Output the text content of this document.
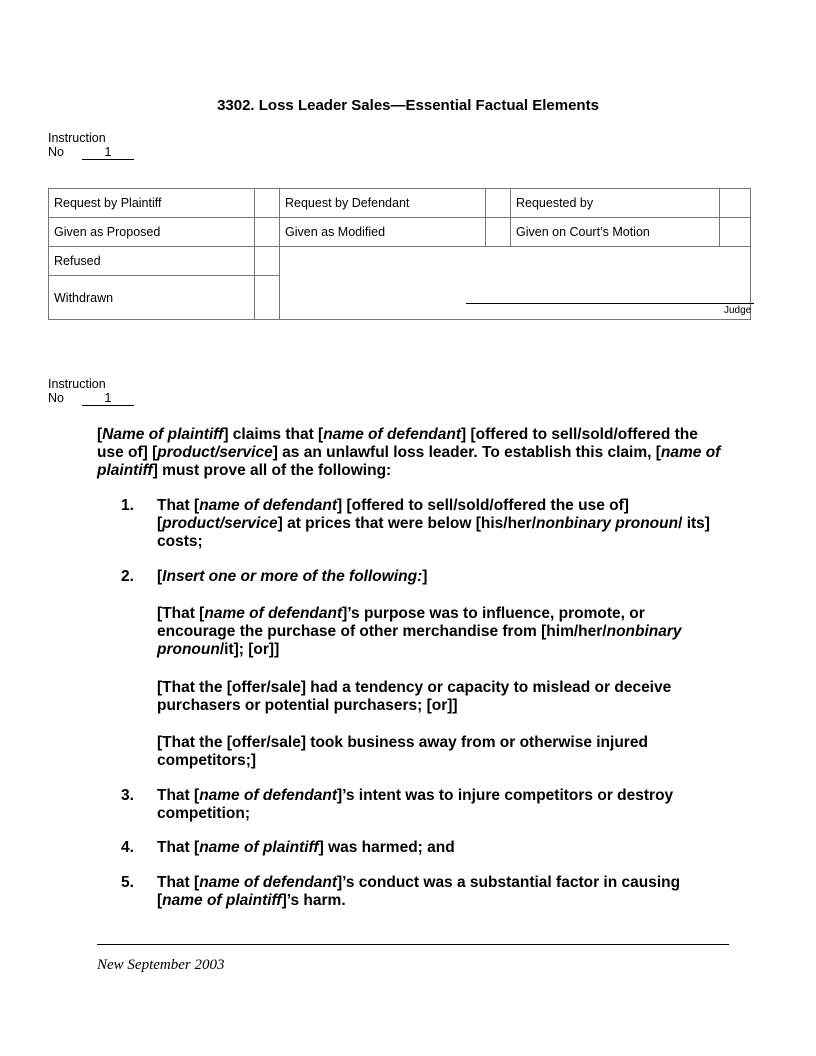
3302. Loss Leader Sales—Essential Factual Elements
Instruction
No	1
Request by Plaintiff		Request by Defendant		Requested by	
Given as Proposed		Given as Modified		Given on Court’s Motion	
Refused					
Withdrawn					
Judge
Instruction
No	1
[Name of plaintiff] claims that [name of defendant] [offered to sell/sold/offered the use of] [product/service] as an unlawful loss leader. To establish this claim, [name of plaintiff] must prove all of the following:
1. That [name of defendant] [offered to sell/sold/offered the use of] [product/service] at prices that were below [his/her/nonbinary pronoun/ its] costs;
2. [Insert one or more of the following:]
[That [name of defendant]’s purpose was to influence, promote, or encourage the purchase of other merchandise from [him/her/nonbinary pronoun/it]; [or]]
[That the [offer/sale] had a tendency or capacity to mislead or deceive purchasers or potential purchasers; [or]]
[That the [offer/sale] took business away from or otherwise injured competitors;]
3. That [name of defendant]’s intent was to injure competitors or destroy competition;
4. That [name of plaintiff] was harmed; and
5. That [name of defendant]’s conduct was a substantial factor in causing [name of plaintiff]’s harm.
New September 2003
